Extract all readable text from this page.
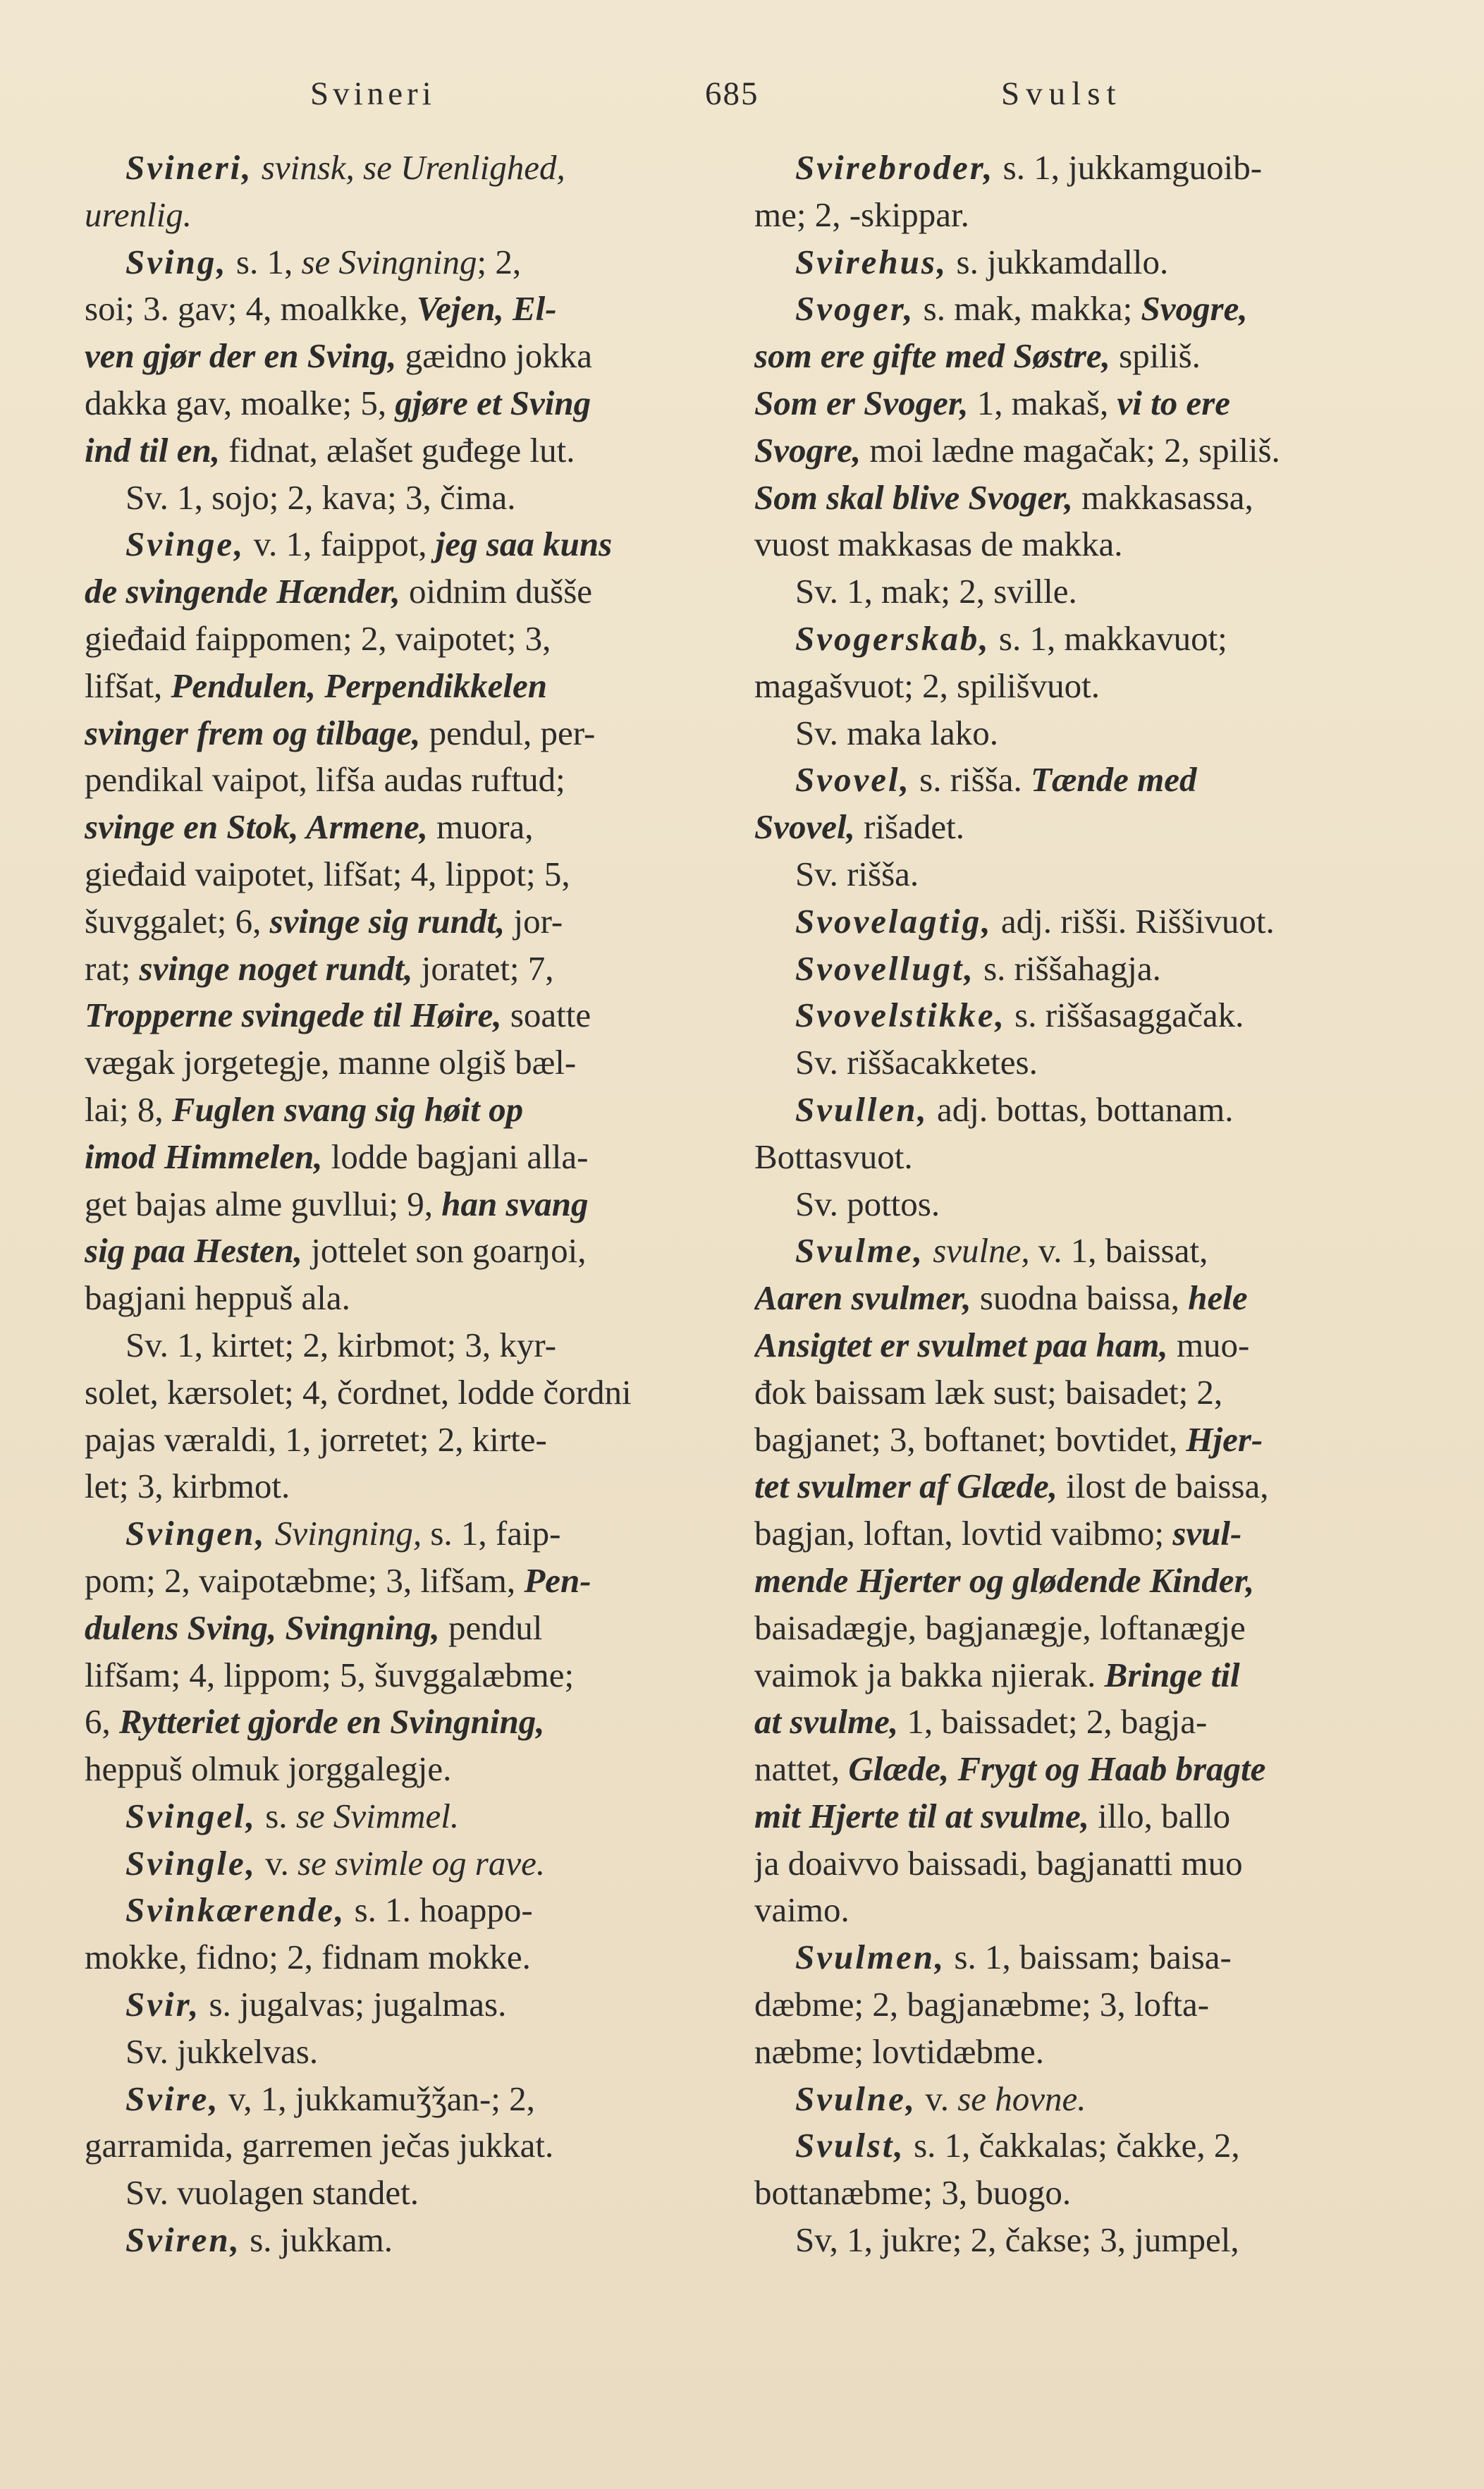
Svineri	685	Svulst
Svineri, svinsk, se Urenlighed,
urenlig.
Sving, s. 1, se Svingning; 2,
soi; 3. gav; 4, moalkke, Vejen, El-
ven gjør der en Sving, gæidno jokka
dakka gav, moalke; 5, gjøre et Sving
ind til en, fidnat, ælašet guđege lut.
Sv. 1, sojo; 2, kava; 3, čima.
Svinge, v. 1, faippot, jeg saa kuns
de svingende Hænder, oidnim dušše
gieđaid faippomen; 2, vaipotet; 3,
lifšat, Pendulen, Perpendikkelen
svinger frem og tilbage, pendul, per-
pendikal vaipot, lifša audas ruftud;
svinge en Stok, Armene, muora,
gieđaid vaipotet, lifšat; 4, lippot; 5,
šuvggalet; 6, svinge sig rundt, jor-
rat; svinge noget rundt, joratet; 7,
Tropperne svingede til Høire, soatte
vægak jorgetegje, manne olgiš bæl-
lai; 8, Fuglen svang sig høit op
imod Himmelen, lodde bagjani alla-
get bajas alme guvllui; 9, han svang
sig paa Hesten, jottelet son goarŋoi,
bagjani heppuš ala.
Sv. 1, kirtet; 2, kirbmot; 3, kyr-
solet, kærsolet; 4, čordnet, lodde čordni
pajas væraldi, 1, jorretet; 2, kirte-
let; 3, kirbmot.
Svingen, Svingning, s. 1, faip-
pom; 2, vaipotæbme; 3, lifšam, Pen-
dulens Sving, Svingning, pendul
lifšam; 4, lippom; 5, šuvggalæbme;
6, Rytteriet gjorde en Svingning,
heppuš olmuk jorggalegje.
Svingel, s. se Svimmel.
Svingle, v. se svimle og rave.
Svinkærende, s. 1. hoappo-
mokke, fidno; 2, fidnam mokke.
Svir, s. jugalvas; jugalmas.
Sv. jukkelvas.
Svire, v, 1, jukkamuǯǯan-; 2,
garramida, garremen ječas jukkat.
Sv. vuolagen standet.
Sviren, s. jukkam.
Svirebroder, s. 1, jukkamguoib-
me; 2, -skippar.
Svirehus, s. jukkamdallo.
Svoger, s. mak, makka; Svogre,
som ere gifte med Søstre, spiliš.
Som er Svoger, 1, makaš, vi to ere
Svogre, moi lædne magačak; 2, spiliš.
Som skal blive Svoger, makkasassa,
vuost makkasas de makka.
Sv. 1, mak; 2, sville.
Svogerskab, s. 1, makkavuot;
magašvuot; 2, spilišvuot.
Sv. maka lako.
Svovel, s. rišša. Tænde med
Svovel, rišadet.
Sv. rišša.
Svovelagtig, adj. rišši. Riššivuot.
Svovellugt, s. riššahagja.
Svovelstikke, s. riššasaggačak.
Sv. riššacakketes.
Svullen, adj. bottas, bottanam.
Bottasvuot.
Sv. pottos.
Svulme, svulne, v. 1, baissat,
Aaren svulmer, suodna baissa, hele
Ansigtet er svulmet paa ham, muo-
đok baissam læk sust; baisadet; 2,
bagjanet; 3, boftanet; bovtidet, Hjer-
tet svulmer af Glæde, ilost de baissa,
bagjan, loftan, lovtid vaibmo; svul-
mende Hjerter og glødende Kinder,
baisadægje, bagjanægje, loftanægje
vaimok ja bakka njierak. Bringe til
at svulme, 1, baissadet; 2, bagja-
nattet, Glæde, Frygt og Haab bragte
mit Hjerte til at svulme, illo, ballo
ja doaivvo baissadi, bagjanatti muo
vaimo.
Svulmen, s. 1, baissam; baisa-
dæbme; 2, bagjanæbme; 3, lofta-
næbme; lovtidæbme.
Svulne, v. se hovne.
Svulst, s. 1, čakkalas; čakke, 2,
bottanæbme; 3, buogo.
Sv, 1, jukre; 2, čakse; 3, jumpel,
